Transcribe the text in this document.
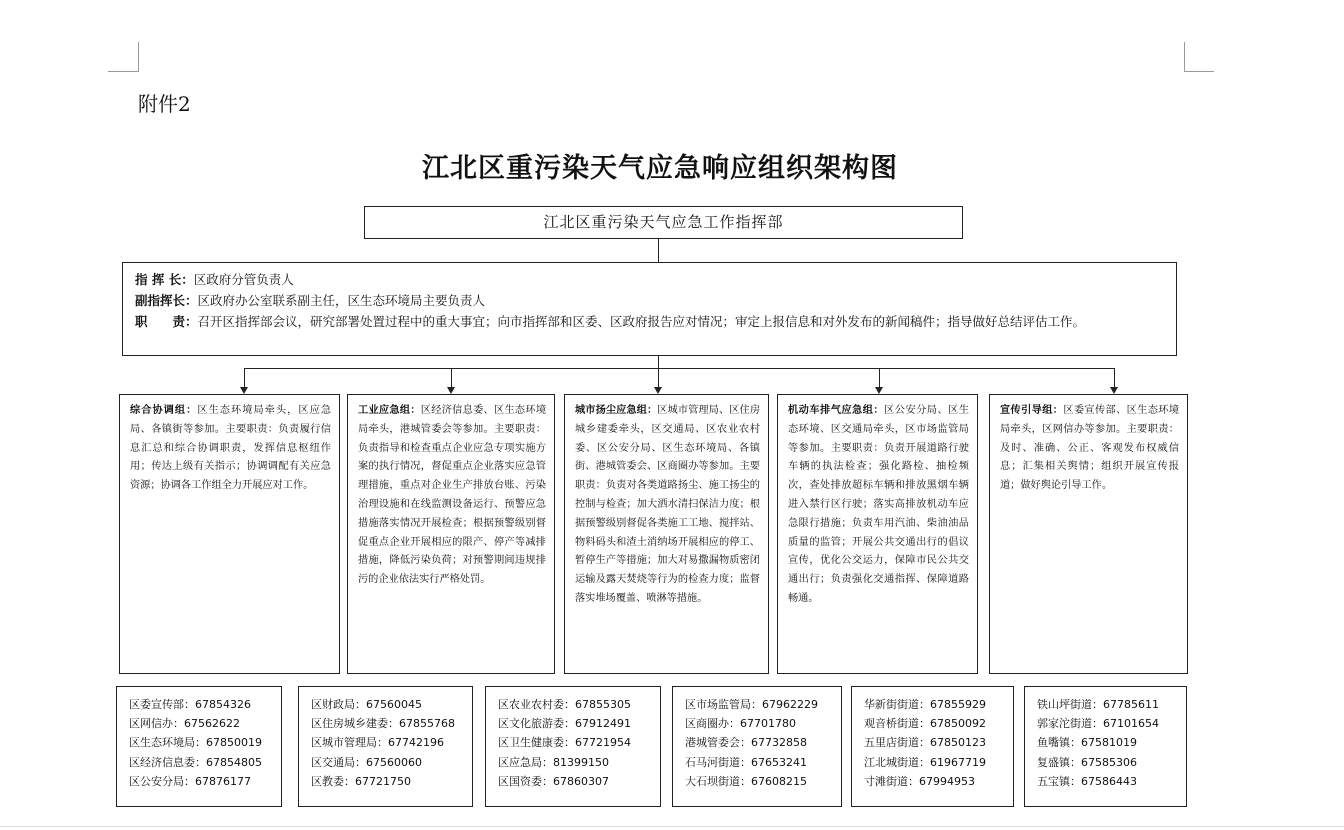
附件2
江北区重污染天气应急响应组织架构图
江北区重污染天气应急工作指挥部
指 挥 长：区政府分管负责人
副指挥长：区政府办公室联系副主任，区生态环境局主要负责人
职　　责：召开区指挥部会议，研究部署处置过程中的重大事宜；向市指挥部和区委、区政府报告应对情况；审定上报信息和对外发布的新闻稿件；指导做好总结评估工作。
综合协调组：区生态环境局牵头，区应急局、各镇街等参加。主要职责：负责履行信息汇总和综合协调职责，发挥信息枢纽作用；传达上级有关指示；协调调配有关应急资源；协调各工作组全力开展应对工作。
工业应急组：区经济信息委、区生态环境局牵头，港城管委会等参加。主要职责：负责指导和检查重点企业应急专项实施方案的执行情况，督促重点企业落实应急管理措施，重点对企业生产排放台账、污染治理设施和在线监测设备运行、预警应急措施落实情况开展检查；根据预警级别督促重点企业开展相应的限产、停产等减排措施，降低污染负荷；对预警期间违规排污的企业依法实行严格处罚。
城市扬尘应急组：区城市管理局、区住房城乡建委牵头，区交通局、区农业农村委、区公安分局、区生态环境局、各镇街、港城管委会、区商圈办等参加。主要职责：负责对各类道路扬尘、施工扬尘的控制与检查；加大洒水清扫保洁力度；根据预警级别督促各类施工工地、搅拌站、物料码头和渣土消纳场开展相应的停工、暂停生产等措施；加大对易撒漏物质密闭运输及露天焚烧等行为的检查力度；监督落实堆场覆盖、喷淋等措施。
机动车排气应急组：区公安分局、区生态环境、区交通局牵头，区市场监管局等参加。主要职责：负责开展道路行驶车辆的执法检查；强化路检、抽检频次，查处排放超标车辆和排放黑烟车辆进入禁行区行驶；落实高排放机动车应急限行措施；负责车用汽油、柴油油品质量的监管；开展公共交通出行的倡议宣传，优化公交运力，保障市民公共交通出行；负责强化交通指挥、保障道路畅通。
宣传引导组：区委宣传部、区生态环境局牵头，区网信办等参加。主要职责：及时、准确、公正、客观发布权威信息；汇集相关舆情；组织开展宣传报道；做好舆论引导工作。
区委宣传部：67854326
区网信办：67562622
区生态环境局：67850019
区经济信息委：67854805
区公安分局：67876177
区财政局：67560045
区住房城乡建委：67855768
区城市管理局：67742196
区交通局：67560060
区教委：67721750
区农业农村委：67855305
区文化旅游委：67912491
区卫生健康委：67721954
区应急局：81399150
区国资委：67860307
区市场监管局：67962229
区商圈办：67701780
港城管委会：67732858
石马河街道：67653241
大石坝街道：67608215
华新街街道：67855929
观音桥街道：67850092
五里店街道：67850123
江北城街道：61967719
寸滩街道：67994953
铁山坪街道：67785611
郭家沱街道：67101654
鱼嘴镇：67581019
复盛镇：67585306
五宝镇：67586443
